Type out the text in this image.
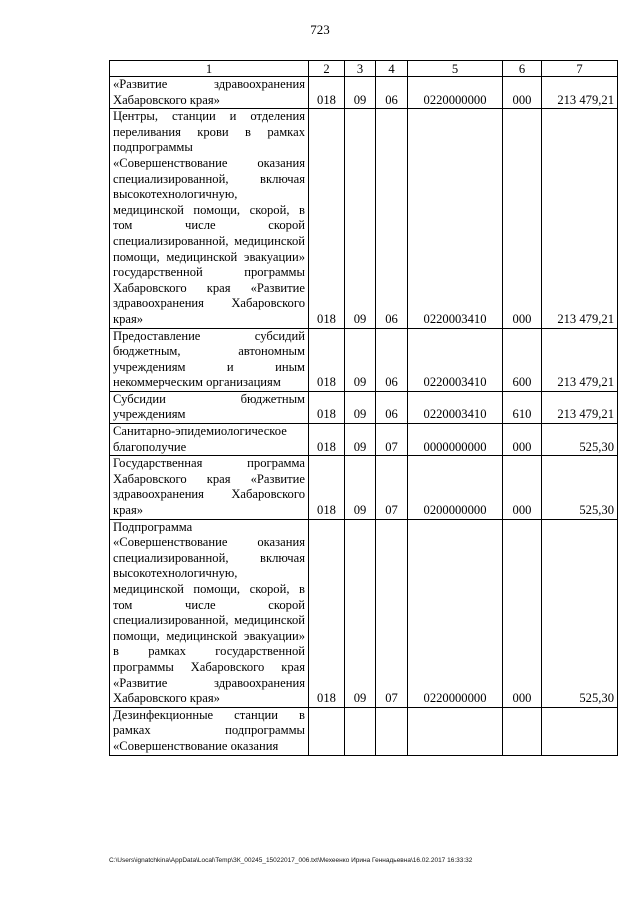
723
1	2	3	4	5	6	7
«Развитие здравоохранения Хабаровского края»	018	09	06	0220000000	000	213 479,21
Центры, станции и отделения переливания крови в рамках подпрограммы «Совершенствование оказания специализированной, включая высокотехнологичную, медицинской помощи, скорой, в том числе скорой специализированной, медицинской помощи, медицинской эвакуации» государственной программы Хабаровского края «Развитие здравоохранения Хабаровского края»	018	09	06	0220003410	000	213 479,21
Предоставление субсидий бюджетным, автономным учреждениям и иным некоммерческим организациям	018	09	06	0220003410	600	213 479,21
Субсидии бюджетным учреждениям	018	09	06	0220003410	610	213 479,21
Санитарно-эпидемиологическое благополучие	018	09	07	0000000000	000	525,30
Государственная программа Хабаровского края «Развитие здравоохранения Хабаровского края»	018	09	07	0200000000	000	525,30
Подпрограмма «Совершенствование оказания специализированной, включая высокотехнологичную, медицинской помощи, скорой, в том числе скорой специализированной, медицинской помощи, медицинской эвакуации» в рамках государственной программы Хабаровского края «Развитие здравоохранения Хабаровского края»	018	09	07	0220000000	000	525,30
Дезинфекционные станции в рамках подпрограммы «Совершенствование оказания						
C:\Users\ignatchkina\AppData\Local\Temp\ЗК_00245_15022017_006.txt\Мехеенко Ирина Геннадьевна\16.02.2017 16:33:32
